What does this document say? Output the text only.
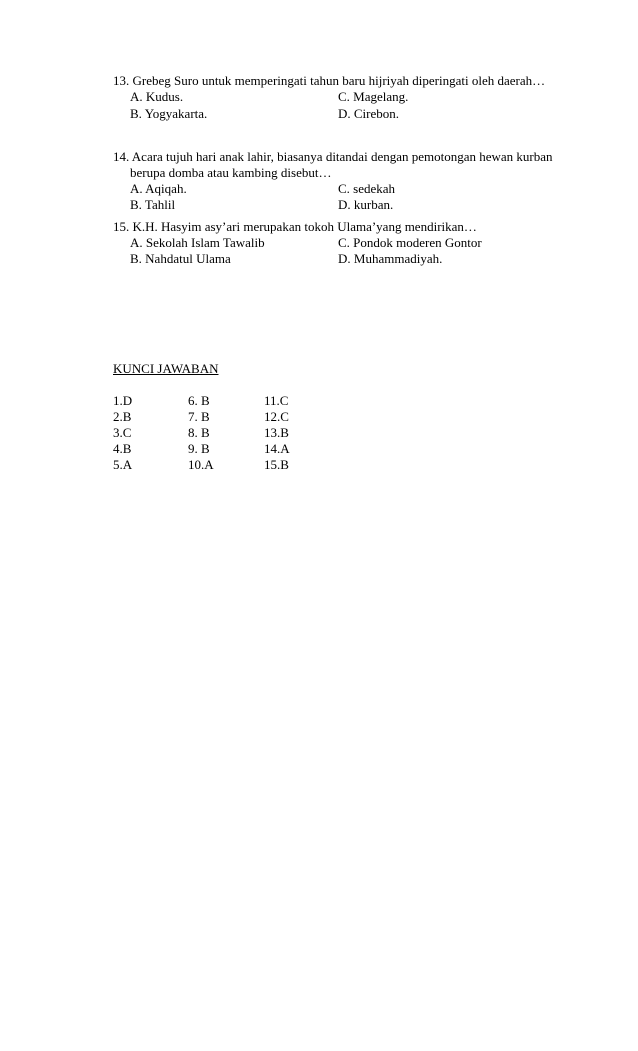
13. Grebeg Suro untuk memperingati tahun baru hijriyah diperingati oleh daerah…
A. Kudus.	C. Magelang.
B. Yogyakarta.	D. Cirebon.
14. Acara tujuh hari anak lahir, biasanya ditandai dengan pemotongan hewan kurban
berupa domba atau kambing disebut…
A. Aqiqah.	C. sedekah
B. Tahlil	D. kurban.
15. K.H. Hasyim asy’ari merupakan tokoh Ulama’yang mendirikan…
A. Sekolah Islam Tawalib	C. Pondok moderen Gontor
B. Nahdatul Ulama	D. Muhammadiyah.
KUNCI JAWABAN
1.D	6. B	11.C
2.B	7. B	12.C
3.C	8. B	13.B
4.B	9. B	14.A
5.A	10.A	15.B
